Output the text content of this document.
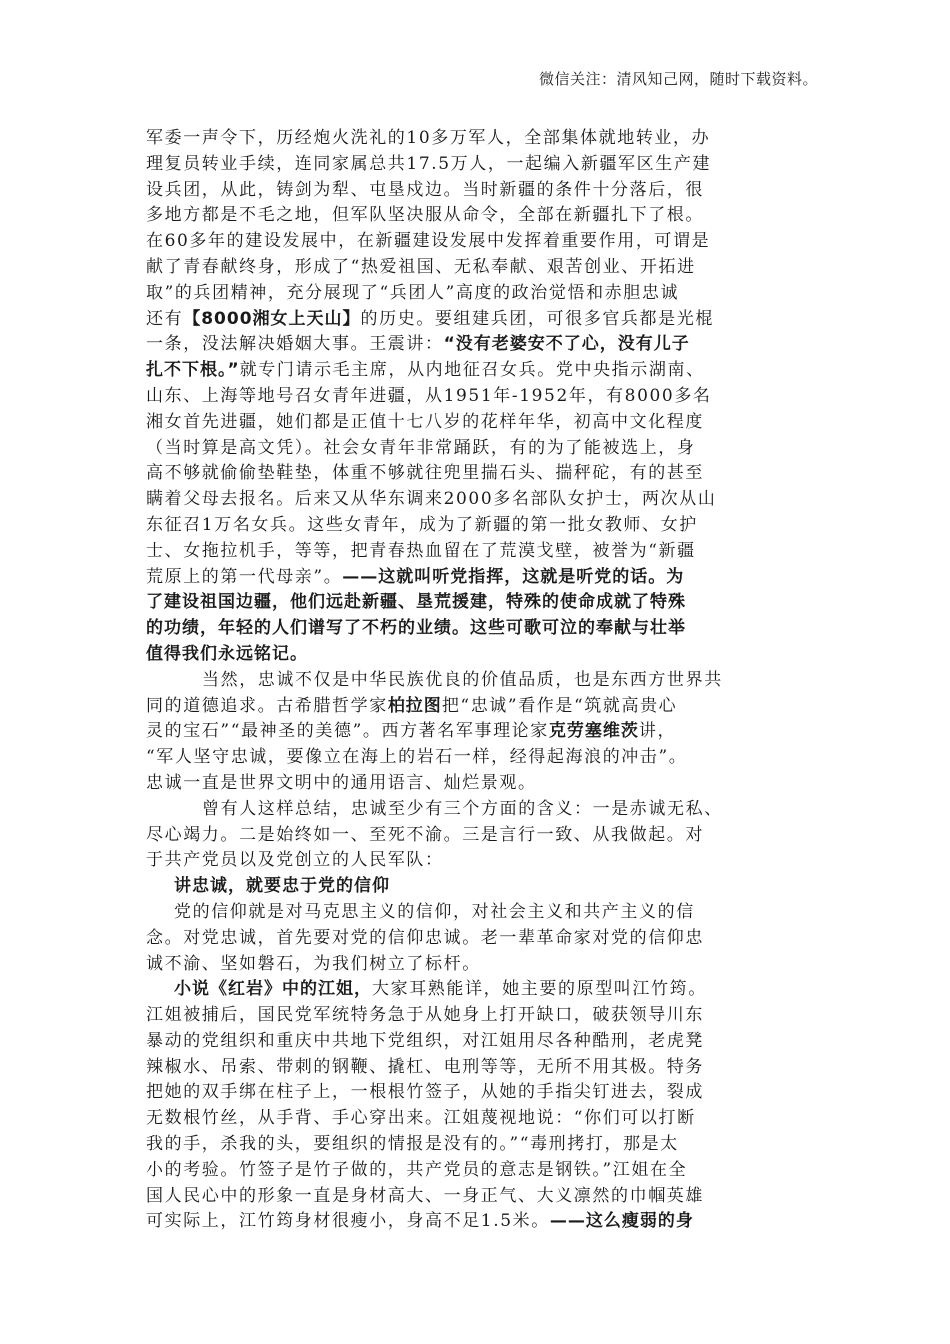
微信关注：清风知己网，随时下载资料。
军委一声令下，历经炮火洗礼的10多万军人，全部集体就地转业，办
理复员转业手续，连同家属总共17.5万人，一起编入新疆军区生产建
设兵团，从此，铸剑为犁、屯垦戍边。当时新疆的条件十分落后，很
多地方都是不毛之地，但军队坚决服从命令，全部在新疆扎下了根。
在60多年的建设发展中，在新疆建设发展中发挥着重要作用，可谓是
献了青春献终身，形成了“热爱祖国、无私奉献、艰苦创业、开拓进
取”的兵团精神，充分展现了“兵团人”高度的政治觉悟和赤胆忠诚
还有【8000湘女上天山】的历史。要组建兵团，可很多官兵都是光棍
一条，没法解决婚姻大事。王震讲：“没有老婆安不了心，没有儿子
扎不下根。”就专门请示毛主席，从内地征召女兵。党中央指示湖南、
山东、上海等地号召女青年进疆，从1951年-1952年，有8000多名
湘女首先进疆，她们都是正值十七八岁的花样年华，初高中文化程度
（当时算是高文凭）。社会女青年非常踊跃，有的为了能被选上，身
高不够就偷偷垫鞋垫，体重不够就往兜里揣石头、揣秤砣，有的甚至
瞒着父母去报名。后来又从华东调来2000多名部队女护士，两次从山
东征召1万名女兵。这些女青年，成为了新疆的第一批女教师、女护
士、女拖拉机手，等等，把青春热血留在了荒漠戈壁，被誉为“新疆
荒原上的第一代母亲”。——这就叫听党指挥，这就是听党的话。为
了建设祖国边疆，他们远赴新疆、垦荒援建，特殊的使命成就了特殊
的功绩，年轻的人们谱写了不朽的业绩。这些可歌可泣的奉献与壮举
值得我们永远铭记。
当然，忠诚不仅是中华民族优良的价值品质，也是东西方世界共
同的道德追求。古希腊哲学家柏拉图把“忠诚”看作是“筑就高贵心
灵的宝石”“最神圣的美德”。西方著名军事理论家克劳塞维茨讲，
“军人坚守忠诚，要像立在海上的岩石一样，经得起海浪的冲击”。
忠诚一直是世界文明中的通用语言、灿烂景观。
曾有人这样总结，忠诚至少有三个方面的含义：一是赤诚无私、
尽心竭力。二是始终如一、至死不渝。三是言行一致、从我做起。对
于共产党员以及党创立的人民军队：
讲忠诚，就要忠于党的信仰
党的信仰就是对马克思主义的信仰，对社会主义和共产主义的信
念。对党忠诚，首先要对党的信仰忠诚。老一辈革命家对党的信仰忠
诚不渝、坚如磐石，为我们树立了标杆。
小说《红岩》中的江姐，大家耳熟能详，她主要的原型叫江竹筠。
江姐被捕后，国民党军统特务急于从她身上打开缺口，破获领导川东
暴动的党组织和重庆中共地下党组织，对江姐用尽各种酷刑，老虎凳
辣椒水、吊索、带刺的钢鞭、撬杠、电刑等等，无所不用其极。特务
把她的双手绑在柱子上，一根根竹签子，从她的手指尖钉进去，裂成
无数根竹丝，从手背、手心穿出来。江姐蔑视地说：“你们可以打断
我的手，杀我的头，要组织的情报是没有的。”“毒刑拷打，那是太
小的考验。竹签子是竹子做的，共产党员的意志是钢铁。”江姐在全
国人民心中的形象一直是身材高大、一身正气、大义凛然的巾帼英雄
可实际上，江竹筠身材很瘦小，身高不足1.5米。——这么瘦弱的身
